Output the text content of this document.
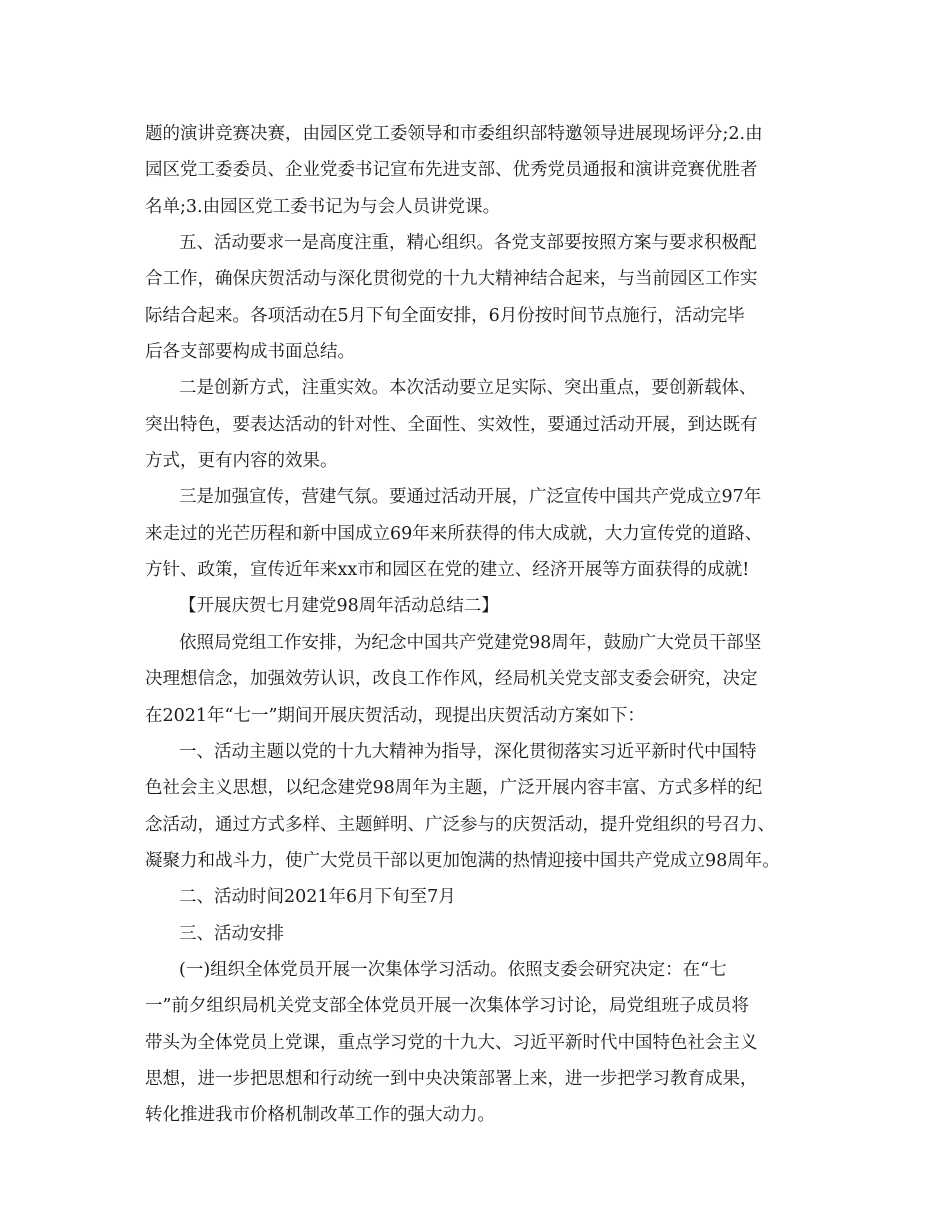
题的演讲竞赛决赛，由园区党工委领导和市委组织部特邀领导进展现场评分;2.由
园区党工委委员、企业党委书记宣布先进支部、优秀党员通报和演讲竞赛优胜者
名单;3.由园区党工委书记为与会人员讲党课。
五、活动要求一是高度注重，精心组织。各党支部要按照方案与要求积极配
合工作，确保庆贺活动与深化贯彻党的十九大精神结合起来，与当前园区工作实
际结合起来。各项活动在5月下旬全面安排，6月份按时间节点施行，活动完毕
后各支部要构成书面总结。
二是创新方式，注重实效。本次活动要立足实际、突出重点，要创新载体、
突出特色，要表达活动的针对性、全面性、实效性，要通过活动开展，到达既有
方式，更有内容的效果。
三是加强宣传，营建气氛。要通过活动开展，广泛宣传中国共产党成立97年
来走过的光芒历程和新中国成立69年来所获得的伟大成就，大力宣传党的道路、
方针、政策，宣传近年来xx市和园区在党的建立、经济开展等方面获得的成就!
【开展庆贺七月建党98周年活动总结二】
依照局党组工作安排，为纪念中国共产党建党98周年，鼓励广大党员干部坚
决理想信念，加强效劳认识，改良工作作风，经局机关党支部支委会研究，决定
在2021年“七一”期间开展庆贺活动，现提出庆贺活动方案如下：
一、活动主题以党的十九大精神为指导，深化贯彻落实习近平新时代中国特
色社会主义思想，以纪念建党98周年为主题，广泛开展内容丰富、方式多样的纪
念活动，通过方式多样、主题鲜明、广泛参与的庆贺活动，提升党组织的号召力、
凝聚力和战斗力，使广大党员干部以更加饱满的热情迎接中国共产党成立98周年。
二、活动时间2021年6月下旬至7月
三、活动安排
(一)组织全体党员开展一次集体学习活动。依照支委会研究决定：在“七
一”前夕组织局机关党支部全体党员开展一次集体学习讨论，局党组班子成员将
带头为全体党员上党课，重点学习党的十九大、习近平新时代中国特色社会主义
思想，进一步把思想和行动统一到中央决策部署上来，进一步把学习教育成果，
转化推进我市价格机制改革工作的强大动力。
